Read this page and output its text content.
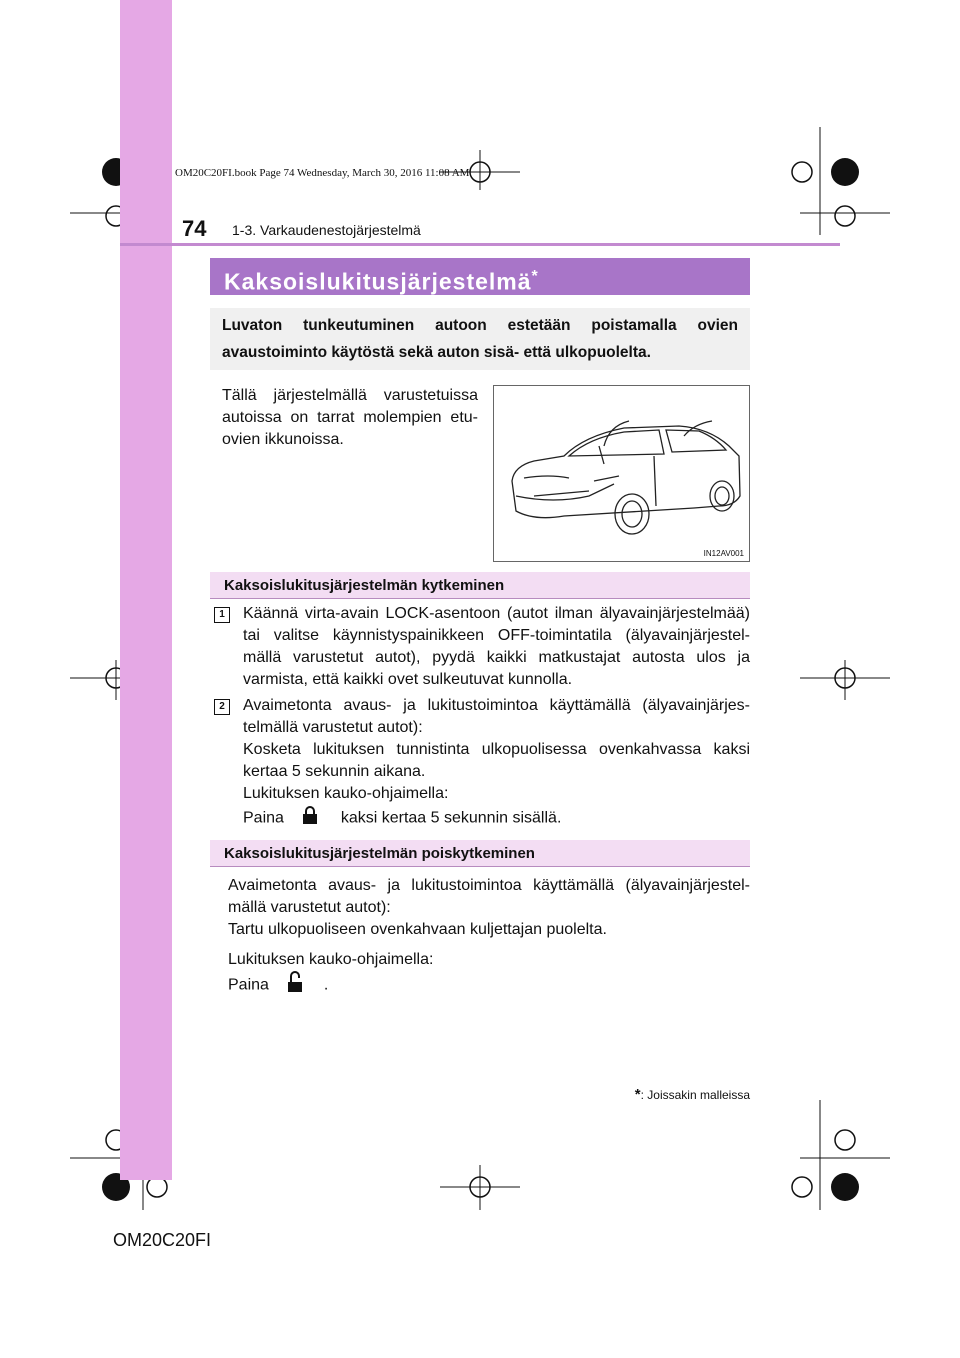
OM20C20FI.book Page 74 Wednesday, March 30, 2016 11:08 AM
74 1-3. Varkaudenestojärjestelmä
Kaksoislukitusjärjestelmä*
Luvaton tunkeutuminen autoon estetään poistamalla ovien avaustoiminto käytöstä sekä auton sisä- että ulkopuolelta.
Tällä järjestelmällä varustetuissa autoissa on tarrat molempien etu-ovien ikkunoissa.
IN12AV001
Kaksoislukitusjärjestelmän kytkeminen
1	Käännä virta-avain LOCK-asentoon (autot ilman älyavainjärjestelmää) tai valitse käynnistyspainikkeen OFF-toimintatila (älyavainjärjestel-mällä varustetut autot), pyydä kaikki matkustajat autosta ulos ja varmista, että kaikki ovet sulkeutuvat kunnolla.
2	Avaimetonta avaus- ja lukitustoimintoa käyttämällä (älyavainjärjes-telmällä varustetut autot):
Kosketa lukituksen tunnistinta ulkopuolisessa ovenkahvassa kaksi kertaa 5 sekunnin aikana.
Lukituksen kauko-ohjaimella:
Paina	kaksi kertaa 5 sekunnin sisällä.
Kaksoislukitusjärjestelmän poiskytkeminen
Avaimetonta avaus- ja lukitustoimintoa käyttämällä (älyavainjärjestel-mällä varustetut autot):
Tartu ulkopuoliseen ovenkahvaan kuljettajan puolelta.
Lukituksen kauko-ohjaimella:
Paina	.
*: Joissakin malleissa
OM20C20FI
